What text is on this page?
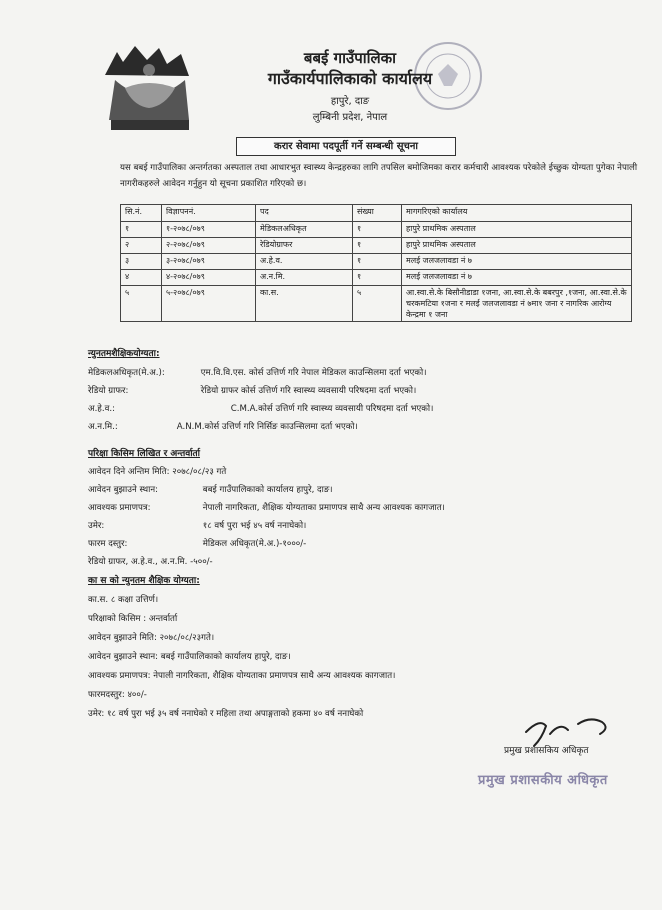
बबई गाउँपालिका
गाउँकार्यपालिकाको कार्यालय
हापुरे, दाङ
लुम्बिनी प्रदेश, नेपाल
करार सेवामा पदपूर्ती गर्ने सम्बन्धी सूचना
यस बबई गाउँपालिका अन्तर्गतका अस्पताल तथा आधारभुत स्वास्थ्य केन्द्रहरुका लागि तपसिल बमोजिमका करार कर्मचारी आवश्यक परेकोले ईच्छुक योग्यता पुगेका नेपाली नागरीकहरुले आवेदन गर्नुहुन यो सूचना प्रकाशित गरिएको छ।
सि.नं.	विज्ञापननं.	पद	संख्या	मागगरिएको कार्यालय
१	१-२०७८/०७९	मेडिकलअधिकृत	१	हापुरे प्राथमिक अस्पताल
२	२-२०७८/०७९	रेडियोग्राफर	१	हापुरे प्राथमिक अस्पताल
३	३-२०७८/०७९	अ.हे.व.	१	मलई जलजलावडा नं ७
४	४-२०७८/०७९	अ.न.मि.	१	मलई जलजलावडा नं ७
५	५-२०७८/०७९	का.स.	५	आ.स्वा.से.के बिसौनीडाडा १जना, आ.स्वा.से.के बबरपुर ,१जना, आ.स्वा.से.के चरकमटिया १जना र मलई जलजलावडा नं ७मा१ जना र नागरिक आरोग्य केन्द्रमा १ जना
न्युनतमशैक्षिकयोग्यता:
मेडिकलअधिकृत(मे.अ.):	एम.वि.वि.एस. कोर्स उत्तिर्ण गरि नेपाल मेडिकल काउन्सिलमा दर्ता भएको।
रेडियो ग्राफर:	रेडियो ग्राफर कोर्स उत्तिर्ण गरि स्वास्थ्य व्यवसायी परिषदमा दर्ता भएको।
अ.हे.व.:	C.M.A.कोर्स उत्तिर्ण गरि स्वास्थ्य व्यवसायी परिषदमा दर्ता भएको।
अ.न.मि.:	A.N.M.कोर्स उत्तिर्ण गरि निर्सिङ काउन्सिलमा दर्ता भएको।
परिक्षा किसिम लिखित र अन्तर्वार्ता
आवेदन दिने अन्तिम मिति: २०७८/०८/२३ गते
आवेदन बुझाउने स्थान:	बबई गाउँपालिकाको कार्यालय हापुरे, दाङ।
आवश्यक प्रमाणपत्र:	नेपाली नागरिकता, शैक्षिक योग्यताका प्रमाणपत्र साथै अन्य आवश्यक कागजात।
उमेर:	१८ वर्ष पुरा भई ४५ वर्ष ननाघेको।
फारम दस्तुर:	मेडिकल अधिकृत(मे.अ.)-१०००/-
रेडियो ग्राफर, अ.हे.व., अ.न.मि. -५००/-
का स को न्युनतम शैक्षिक योग्यता:
का.स. ८ कक्षा उत्तिर्ण।
परिक्षाको किसिम : अन्तर्वार्ता
आवेदन बुझाउने मिति: २०७८/०८/२३गते।
आवेदन बुझाउने स्थान: बबई गाउँपालिकाको कार्यालय हापुरे, दाङ।
आवश्यक प्रमाणपत्र: नेपाली नागरिकता, शैक्षिक योग्यताका प्रमाणपत्र साथै अन्य आवश्यक कागजात।
फारमदस्तुर: ४००/-
उमेर: १८ वर्ष पुरा भई ३५ वर्ष ननाघेको र महिला तथा अपाङ्गताको हकमा ४० वर्ष ननाघेको
प्रमुख प्रशासकिय अधिकृत
प्रमुख प्रशासकीय अधिकृत
